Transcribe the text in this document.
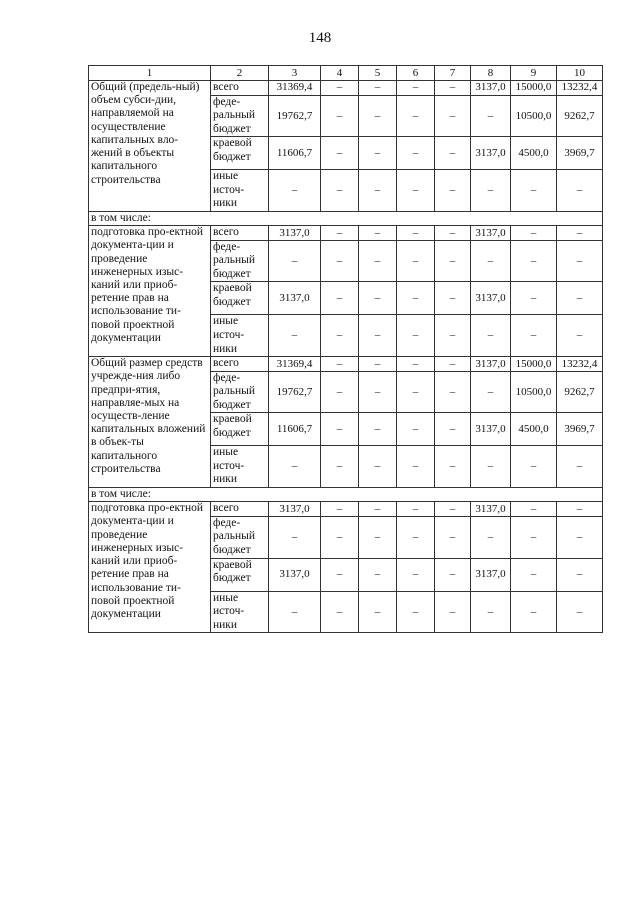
148
1	2	3	4	5	6	7	8	9	10
Общий (предель-ный) объем субси-дии, направляемой на осуществление капитальных вло-жений в объекты капитального строительства	всего	31369,4	–	–	–	–	3137,0	15000,0	13232,4
	феде-ральный бюджет	19762,7	–	–	–	–	–	10500,0	9262,7
	краевой бюджет	11606,7	–	–	–	–	3137,0	4500,0	3969,7
	иные источ-ники	–	–	–	–	–	–	–	–
в том числе:									
подготовка про-ектной документа-ции и проведение инженерных изыс-каний или приоб-ретение прав на использование ти-повой проектной документации	всего	3137,0	–	–	–	–	3137,0	–	–
	феде-ральный бюджет	–	–	–	–	–	–	–	–
	краевой бюджет	3137,0	–	–	–	–	3137,0	–	–
	иные источ-ники	–	–	–	–	–	–	–	–
Общий размер средств учрежде-ния либо предпри-ятия, направляе-мых на осуществ-ление капитальных вложений в объек-ты капитального строительства	всего	31369,4	–	–	–	–	3137,0	15000,0	13232,4
	феде-ральный бюджет	19762,7	–	–	–	–	–	10500,0	9262,7
	краевой бюджет	11606,7	–	–	–	–	3137,0	4500,0	3969,7
	иные источ-ники	–	–	–	–	–	–	–	–
в том числе:									
подготовка про-ектной документа-ции и проведение инженерных изыс-каний или приоб-ретение прав на использование ти-повой проектной документации	всего	3137,0	–	–	–	–	3137,0	–	–
	феде-ральный бюджет	–	–	–	–	–	–	–	–
	краевой бюджет	3137,0	–	–	–	–	3137,0	–	–
	иные источ-ники	–	–	–	–	–	–	–	–
